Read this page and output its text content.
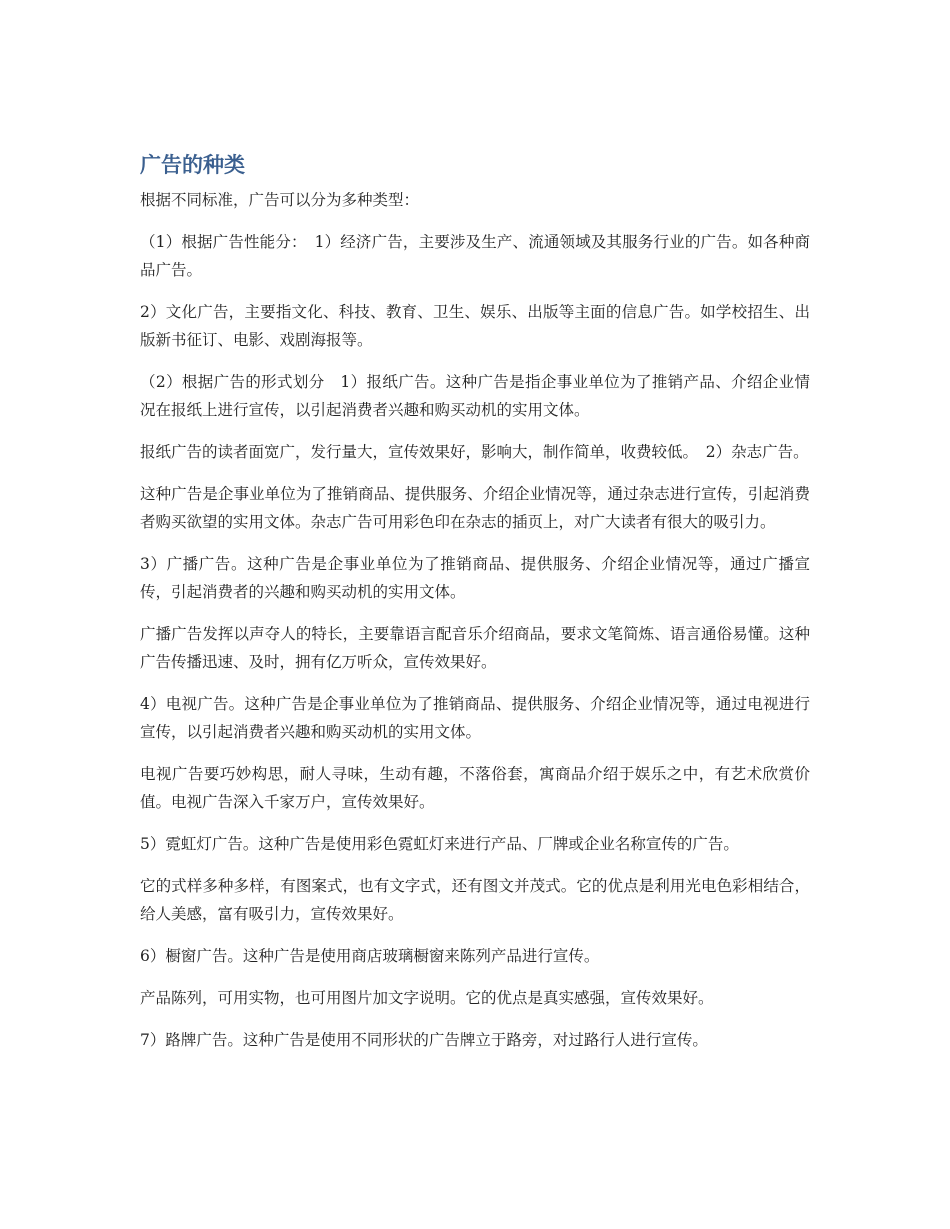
广告的种类

根据不同标准，广告可以分为多种类型：

（1）根据广告性能分：　1）经济广告，主要涉及生产、流通领域及其服务行业的广告。如各种商品广告。

2）文化广告，主要指文化、科技、教育、卫生、娱乐、出版等主面的信息广告。如学校招生、出版新书征订、电影、戏剧海报等。

（2）根据广告的形式划分　1）报纸广告。这种广告是指企事业单位为了推销产品、介绍企业情况在报纸上进行宣传，以引起消费者兴趣和购买动机的实用文体。

报纸广告的读者面宽广，发行量大，宣传效果好，影响大，制作简单，收费较低。　2）杂志广告。

这种广告是企事业单位为了推销商品、提供服务、介绍企业情况等，通过杂志进行宣传，引起消费者购买欲望的实用文体。杂志广告可用彩色印在杂志的插页上，对广大读者有很大的吸引力。

3）广播广告。这种广告是企事业单位为了推销商品、提供服务、介绍企业情况等，通过广播宣传，引起消费者的兴趣和购买动机的实用文体。

广播广告发挥以声夺人的特长，主要靠语言配音乐介绍商品，要求文笔简炼、语言通俗易懂。这种广告传播迅速、及时，拥有亿万听众，宣传效果好。

4）电视广告。这种广告是企事业单位为了推销商品、提供服务、介绍企业情况等，通过电视进行宣传，以引起消费者兴趣和购买动机的实用文体。

电视广告要巧妙构思，耐人寻味，生动有趣，不落俗套，寓商品介绍于娱乐之中，有艺术欣赏价值。电视广告深入千家万户，宣传效果好。

5）霓虹灯广告。这种广告是使用彩色霓虹灯来进行产品、厂牌或企业名称宣传的广告。

它的式样多种多样，有图案式，也有文字式，还有图文并茂式。它的优点是利用光电色彩相结合，给人美感，富有吸引力，宣传效果好。

6）橱窗广告。这种广告是使用商店玻璃橱窗来陈列产品进行宣传。

产品陈列，可用实物，也可用图片加文字说明。它的优点是真实感强，宣传效果好。

7）路牌广告。这种广告是使用不同形状的广告牌立于路旁，对过路行人进行宣传。
